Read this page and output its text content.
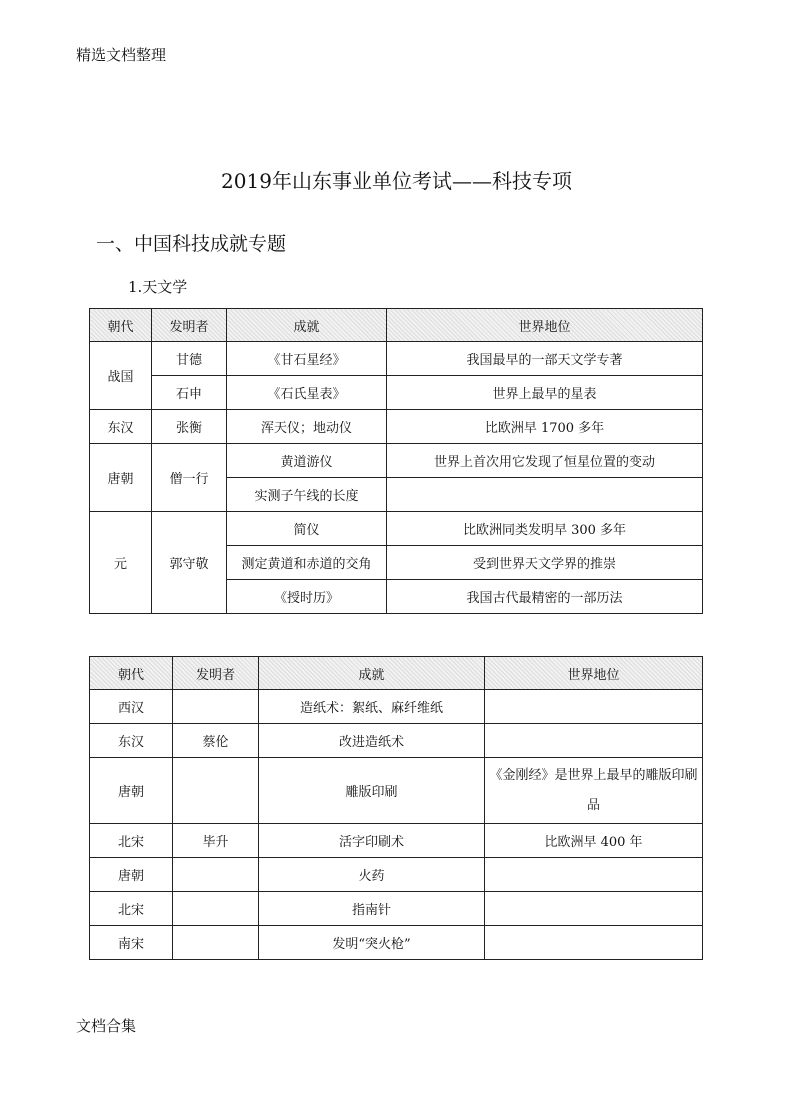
精选文档整理
2019年山东事业单位考试——科技专项
一、中国科技成就专题
1.天文学
朝代	发明者	成就	世界地位
战国	甘德	《甘石星经》	我国最早的一部天文学专著
	石申	《石氏星表》	世界上最早的星表
东汉	张衡	浑天仪；地动仪	比欧洲早 1700 多年
唐朝	僧一行	黄道游仪	世界上首次用它发现了恒星位置的变动
		实测子午线的长度	
元	郭守敬	简仪	比欧洲同类发明早 300 多年
		测定黄道和赤道的交角	受到世界天文学界的推崇
		《授时历》	我国古代最精密的一部历法
朝代	发明者	成就	世界地位
西汉		造纸术：絮纸、麻纤维纸	
东汉	蔡伦	改进造纸术	
唐朝		雕版印刷	《金刚经》是世界上最早的雕版印刷品
北宋	毕升	活字印刷术	比欧洲早 400 年
唐朝		火药	
北宋		指南针	
南宋		发明“突火枪”	
文档合集
